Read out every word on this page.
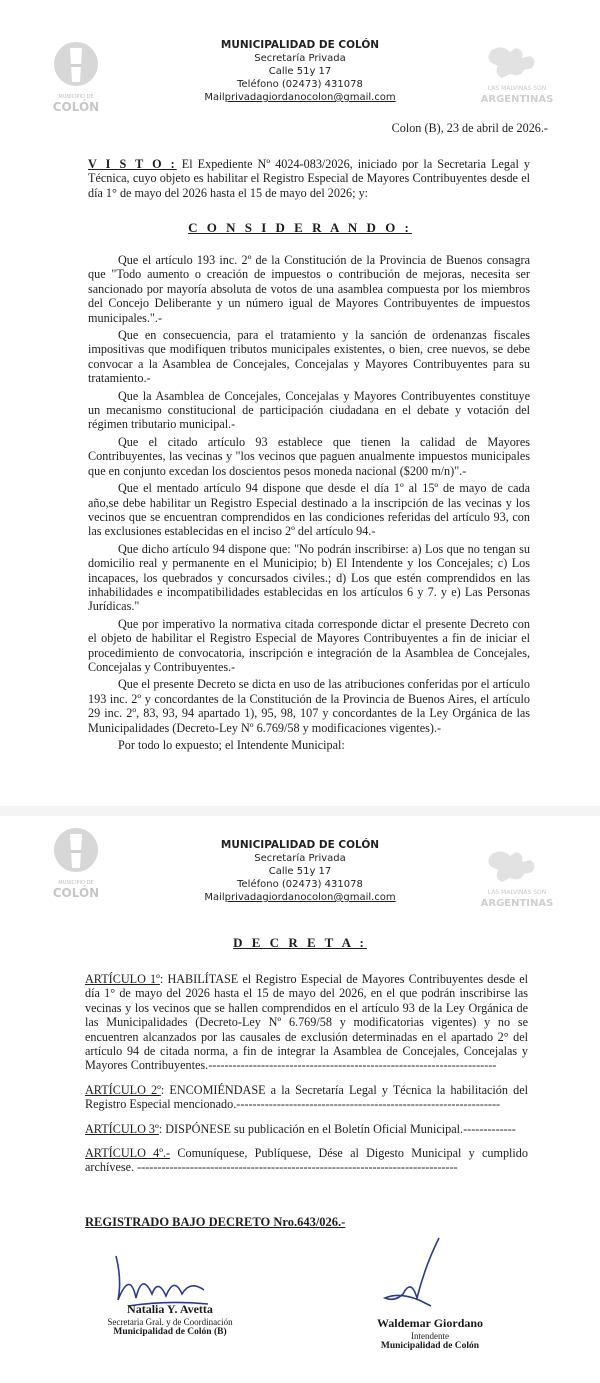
MUNICIPIO DE
COLÓN
MUNICIPALIDAD DE COLÓN
Secretaría Privada
Calle 51y 17
Teléfono (02473) 431078
Mailprivadagiordanocolon@gmail.com
LAS MALVINAS SON
ARGENTINAS
Colon (B), 23 de abril de 2026.-
V I S T O : El Expediente Nº 4024-083/2026, iniciado por la Secretaria Legal y Técnica, cuyo objeto es habilitar el Registro Especial de Mayores Contribuyentes desde el día 1° de mayo del 2026 hasta el 15 de mayo del 2026; y:
C O N S I D E R A N D O :

Que el artículo 193 inc. 2º de la Constitución de la Provincia de Buenos consagra que "Todo aumento o creación de impuestos o contribución de mejoras, necesita ser sancionado por mayoría absoluta de votos de una asamblea compuesta por los miembros del Concejo Deliberante y un número igual de Mayores Contribuyentes de impuestos municipales.".-

Que en consecuencia, para el tratamiento y la sanción de ordenanzas fiscales impositivas que modifiquen tributos municipales existentes, o bien, cree nuevos, se debe convocar a la Asamblea de Concejales, Concejalas y Mayores Contribuyentes para su tratamiento.-

Que la Asamblea de Concejales, Concejalas y Mayores Contribuyentes constituye un mecanismo constitucional de participación ciudadana en el debate y votación del régimen tributario municipal.-

Que el citado artículo 93 establece que tienen la calidad de Mayores Contribuyentes, las vecinas y "los vecinos que paguen anualmente impuestos municipales que en conjunto excedan los doscientos pesos moneda nacional ($200 m/n)".-

Que el mentado artículo 94 dispone que desde el día 1º al 15º de mayo de cada año,se debe habilitar un Registro Especial destinado a la inscripción de las vecinas y los vecinos que se encuentran comprendidos en las condiciones referidas del artículo 93, con las exclusiones establecidas en el inciso 2º del artículo 94.-

Que dicho artículo 94 dispone que: "No podrán inscribirse: a) Los que no tengan su domicilio real y permanente en el Municipio; b) El Intendente y los Concejales; c) Los incapaces, los quebrados y concursados civiles.; d) Los que estén comprendidos en las inhabilidades e incompatibilidades establecidas en los artículos 6 y 7. y e) Las Personas Jurídicas."

Que por imperativo la normativa citada corresponde dictar el presente Decreto con el objeto de habilitar el Registro Especial de Mayores Contribuyentes a fin de iniciar el procedimiento de convocatoria, inscripción e integración de la Asamblea de Concejales, Concejalas y Contribuyentes.-

Que el presente Decreto se dicta en uso de las atribuciones conferidas por el artículo 193 inc. 2º y concordantes de la Constitución de la Provincia de Buenos Aires, el artículo 29 inc. 2º, 83, 93, 94 apartado 1), 95, 98, 107 y concordantes de la Ley Orgánica de las Municipalidades (Decreto-Ley Nº 6.769/58 y modificaciones vigentes).-

Por todo lo expuesto; el Intendente Municipal:

MUNICIPIO DE
COLÓN
MUNICIPALIDAD DE COLÓN
Secretaría Privada
Calle 51y 17
Teléfono (02473) 431078
Mailprivadagiordanocolon@gmail.com	LAS MALVINAS SON
ARGENTINAS
D E C R E T A :

ARTÍCULO 1º: HABILÍTASE el Registro Especial de Mayores Contribuyentes desde el día 1° de mayo del 2026 hasta el 15 de mayo del 2026, en el que podrán inscribirse las vecinas y los vecinos que se hallen comprendidos en el artículo 93 de la Ley Orgánica de las Municipalidades (Decreto-Ley Nº 6.769/58 y modificatorias vigentes) y no se encuentren alcanzados por las causales de exclusión determinadas en el apartado 2° del artículo 94 de citada norma, a fin de integrar la Asamblea de Concejales, Concejalas y Mayores Contribuyentes.-----------------------------------------------------------------------

ARTÍCULO 2º: ENCOMIÉNDASE a la Secretaría Legal y Técnica la habilitación del Registro Especial mencionado.-----------------------------------------------------------------

ARTÍCULO 3º: DISPÓNESE su publicación en el Boletín Oficial Municipal.-------------

ARTÍCULO 4º.- Comuníquese, Publíquese, Dése al Digesto Municipal y cumplido archívese. -------------------------------------------------------------------------------

REGISTRADO BAJO DECRETO Nro.643/026.-
Natalia Y. Avetta
Secretaria Gral. y de Coordinación
Municipalidad de Colón (B)
Waldemar Giordano
Intendente
Municipalidad de Colón
